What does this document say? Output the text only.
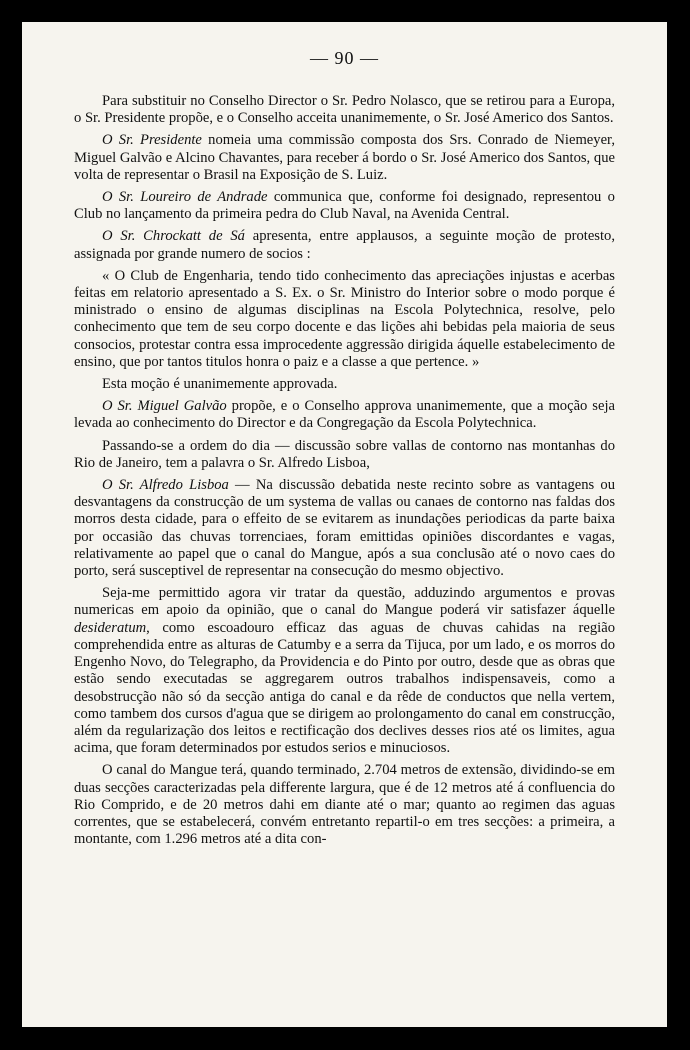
— 90 —

Para substituir no Conselho Director o Sr. Pedro Nolasco, que se retirou para a Europa, o Sr. Presidente propõe, e o Conselho acceita unanimemente, o Sr. José Americo dos Santos.

O Sr. Presidente nomeia uma commissão composta dos Srs. Conrado de Niemeyer, Miguel Galvão e Alcino Chavantes, para receber á bordo o Sr. José Americo dos Santos, que volta de representar o Brasil na Exposição de S. Luiz.

O Sr. Loureiro de Andrade communica que, conforme foi designado, representou o Club no lançamento da primeira pedra do Club Naval, na Avenida Central.

O Sr. Chrockatt de Sá apresenta, entre applausos, a seguinte moção de protesto, assignada por grande numero de socios :

« O Club de Engenharia, tendo tido conhecimento das apreciações injustas e acerbas feitas em relatorio apresentado a S. Ex. o Sr. Ministro do Interior sobre o modo porque é ministrado o ensino de algumas disciplinas na Escola Polytechnica, resolve, pelo conhecimento que tem de seu corpo docente e das lições ahi bebidas pela maioria de seus consocios, protestar contra essa improcedente aggressão dirigida áquelle estabelecimento de ensino, que por tantos titulos honra o paiz e a classe a que pertence. »

Esta moção é unanimemente approvada.

O Sr. Miguel Galvão propõe, e o Conselho approva unanimemente, que a moção seja levada ao conhecimento do Director e da Congregação da Escola Polytechnica.

Passando-se a ordem do dia — discussão sobre vallas de contorno nas montanhas do Rio de Janeiro, tem a palavra o Sr. Alfredo Lisboa,

O Sr. Alfredo Lisboa — Na discussão debatida neste recinto sobre as vantagens ou desvantagens da construcção de um systema de vallas ou canaes de contorno nas faldas dos morros desta cidade, para o effeito de se evitarem as inundações periodicas da parte baixa por occasião das chuvas torrenciaes, foram emittidas opiniões discordantes e vagas, relativamente ao papel que o canal do Mangue, após a sua conclusão até o novo caes do porto, será susceptivel de representar na consecução do mesmo objectivo.

Seja-me permittido agora vir tratar da questão, adduzindo argumentos e provas numericas em apoio da opinião, que o canal do Mangue poderá vir satisfazer áquelle desideratum, como escoadouro efficaz das aguas de chuvas cahidas na região comprehendida entre as alturas de Catumby e a serra da Tijuca, por um lado, e os morros do Engenho Novo, do Telegrapho, da Providencia e do Pinto por outro, desde que as obras que estão sendo executadas se aggregarem outros trabalhos indispensaveis, como a desobstrucção não só da secção antiga do canal e da rêde de conductos que nella vertem, como tambem dos cursos d'agua que se dirigem ao prolongamento do canal em construcção, além da regularização dos leitos e rectificação dos declives desses rios até os limites, agua acima, que foram determinados por estudos serios e minuciosos.

O canal do Mangue terá, quando terminado, 2.704 metros de extensão, dividindo-se em duas secções caracterizadas pela differente largura, que é de 12 metros até á confluencia do Rio Comprido, e de 20 metros dahi em diante até o mar; quanto ao regimen das aguas correntes, que se estabelecerá, convém entretanto repartil-o em tres secções: a primeira, a montante, com 1.296 metros até a dita con-
